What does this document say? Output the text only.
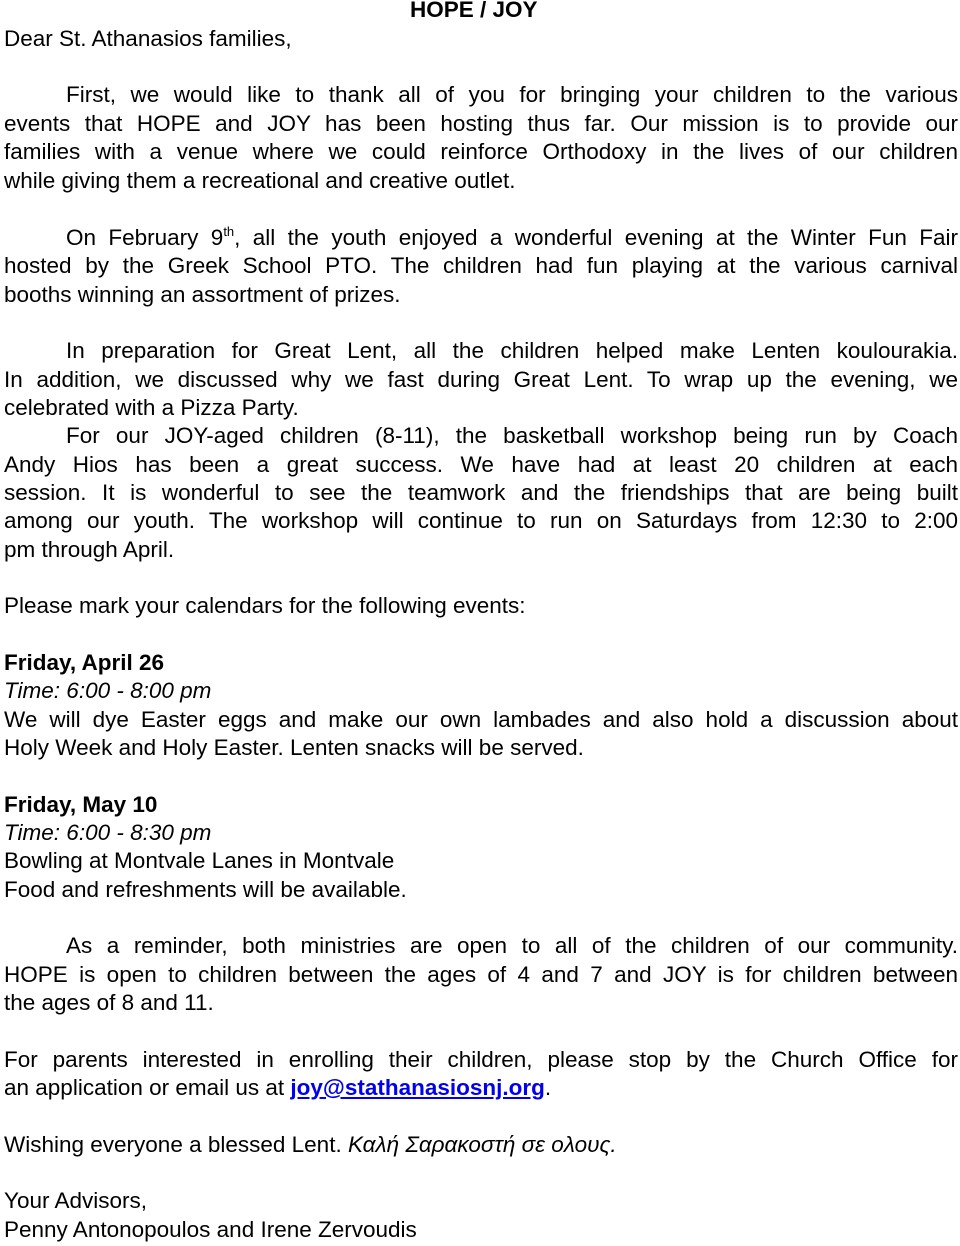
HOPE / JOY
Dear St. Athanasios families,
First, we would like to thank all of you for bringing your children to the various
events that HOPE and JOY has been hosting thus far. Our mission is to provide our
families with a venue where we could reinforce Orthodoxy in the lives of our children
while giving them a recreational and creative outlet.
On February 9th, all the youth enjoyed a wonderful evening at the Winter Fun Fair
hosted by the Greek School PTO. The children had fun playing at the various carnival
booths winning an assortment of prizes.
In preparation for Great Lent, all the children helped make Lenten koulourakia.
In addition, we discussed why we fast during Great Lent. To wrap up the evening, we
celebrated with a Pizza Party.
For our JOY-aged children (8-11), the basketball workshop being run by Coach
Andy Hios has been a great success. We have had at least 20 children at each
session. It is wonderful to see the teamwork and the friendships that are being built
among our youth. The workshop will continue to run on Saturdays from 12:30 to 2:00
pm through April.
Please mark your calendars for the following events:
Friday, April 26
Time: 6:00 - 8:00 pm
We will dye Easter eggs and make our own lambades and also hold a discussion about
Holy Week and Holy Easter. Lenten snacks will be served.
Friday, May 10
Time: 6:00 - 8:30 pm
Bowling at Montvale Lanes in Montvale
Food and refreshments will be available.
As a reminder, both ministries are open to all of the children of our community.
HOPE is open to children between the ages of 4 and 7 and JOY is for children between
the ages of 8 and 11.
For parents interested in enrolling their children, please stop by the Church Office for
an application or email us at joy@stathanasiosnj.org.
Wishing everyone a blessed Lent. Καλή Σαρακοστή σε ολους.
Your Advisors,
Penny Antonopoulos and Irene Zervoudis
